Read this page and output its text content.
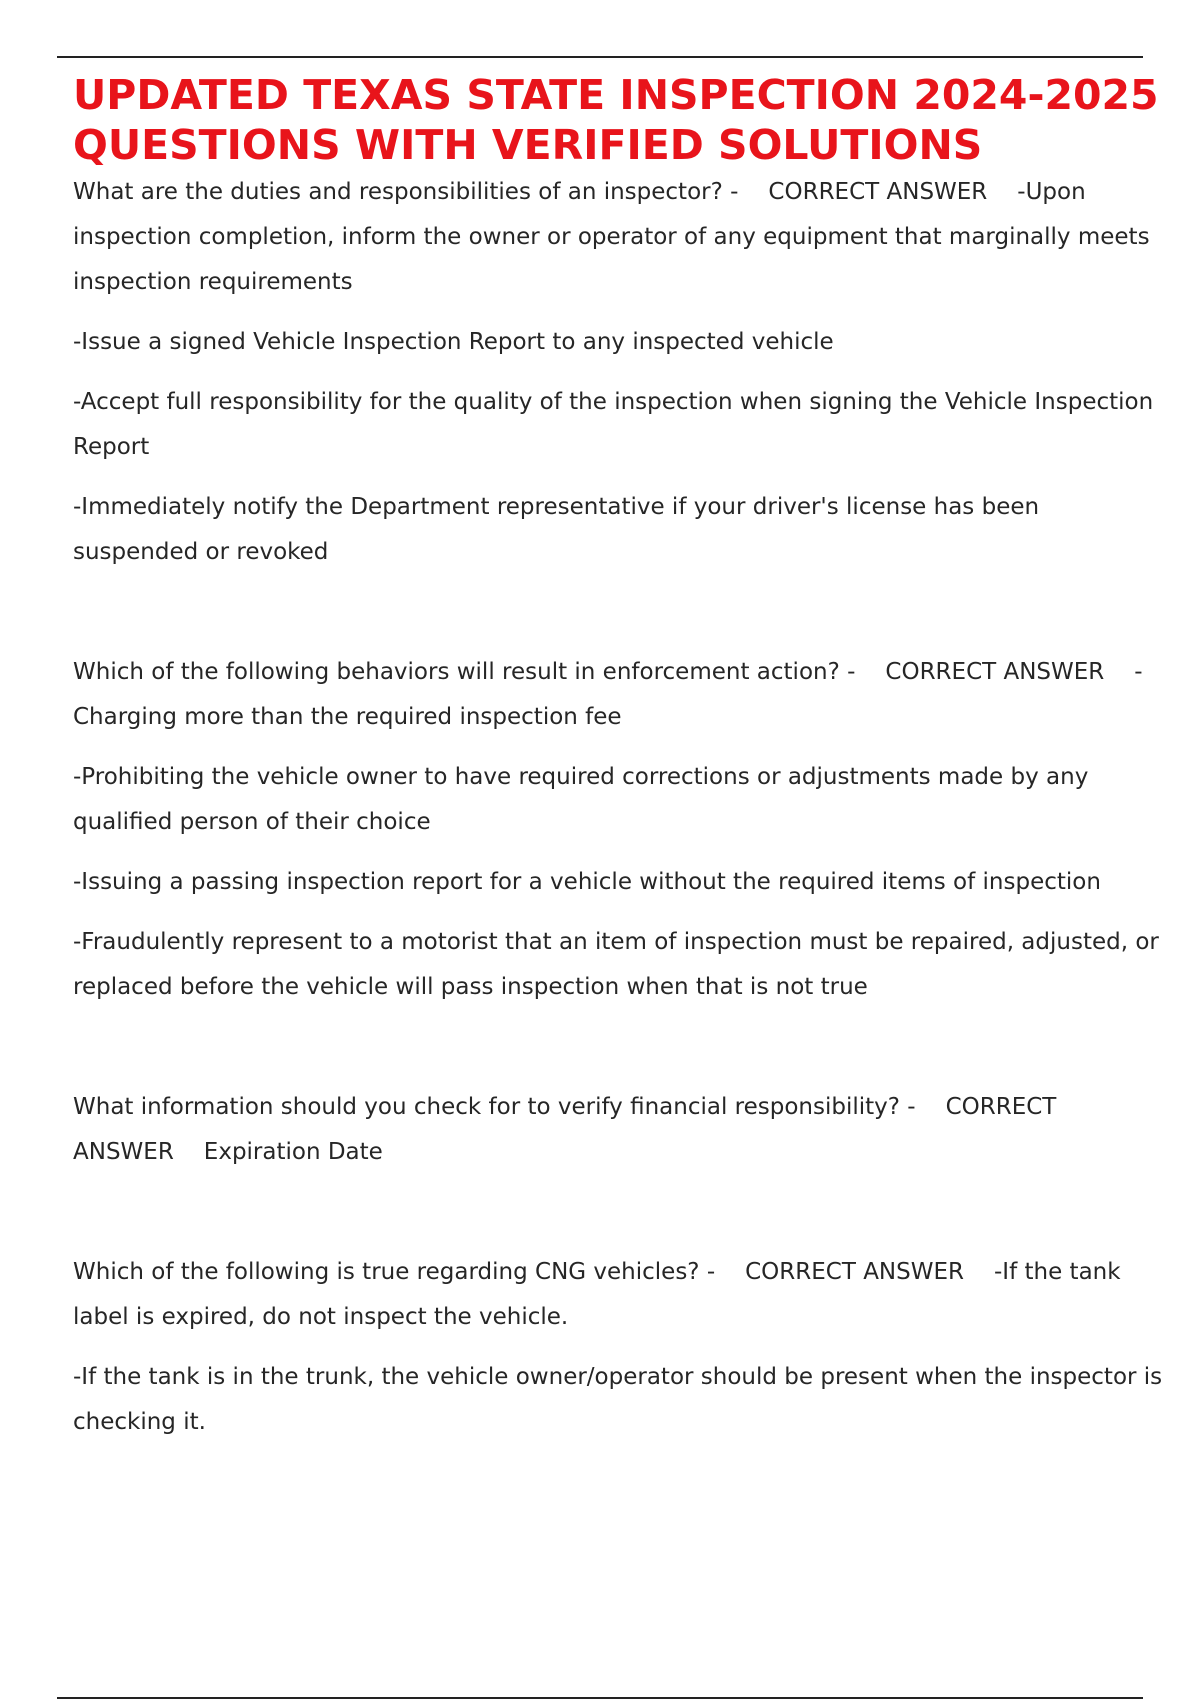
UPDATED TEXAS STATE INSPECTION 2024-2025 QUESTIONS WITH VERIFIED SOLUTIONS

What are the duties and responsibilities of an inspector? - CORRECT ANSWER -Upon inspection completion, inform the owner or operator of any equipment that marginally meets inspection requirements

-Issue a signed Vehicle Inspection Report to any inspected vehicle

-Accept full responsibility for the quality of the inspection when signing the Vehicle Inspection Report

-Immediately notify the Department representative if your driver's license has been suspended or revoked

Which of the following behaviors will result in enforcement action? - CORRECT ANSWER -Charging more than the required inspection fee

-Prohibiting the vehicle owner to have required corrections or adjustments made by any qualified person of their choice

-Issuing a passing inspection report for a vehicle without the required items of inspection

-Fraudulently represent to a motorist that an item of inspection must be repaired, adjusted, or replaced before the vehicle will pass inspection when that is not true

What information should you check for to verify financial responsibility? - CORRECT ANSWER Expiration Date

Which of the following is true regarding CNG vehicles? - CORRECT ANSWER -If the tank label is expired, do not inspect the vehicle.

-If the tank is in the trunk, the vehicle owner/operator should be present when the inspector is checking it.
